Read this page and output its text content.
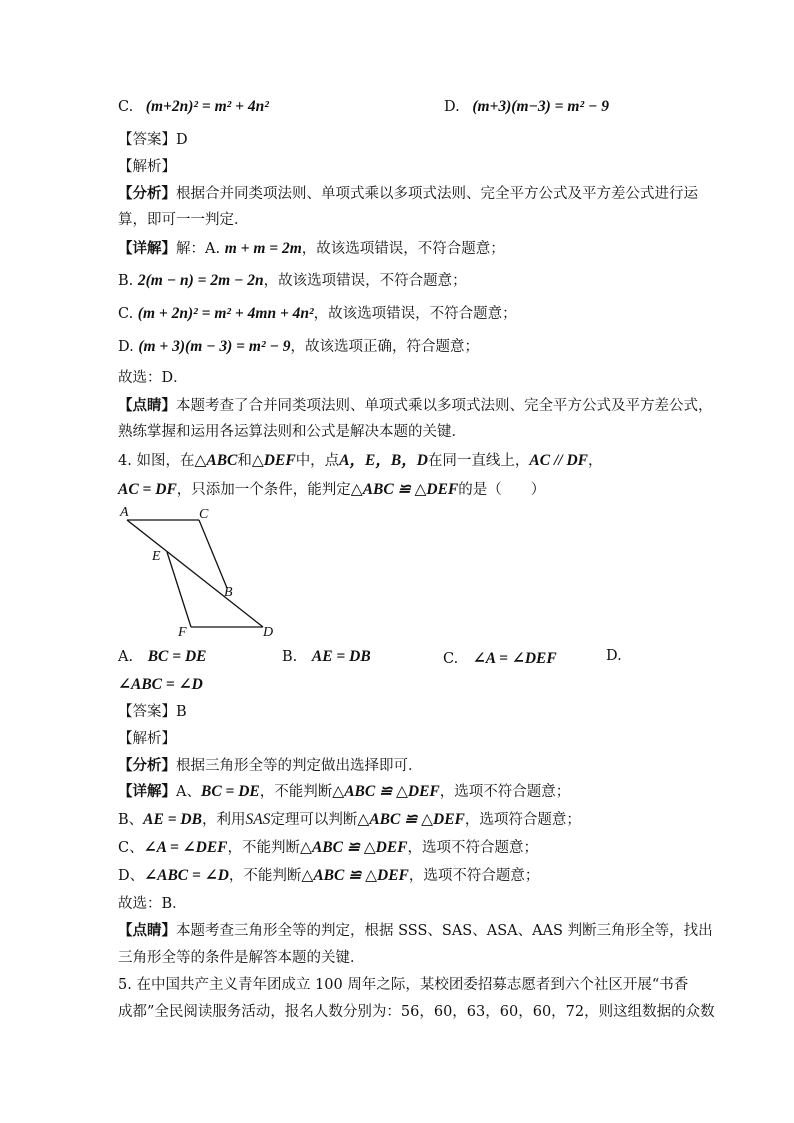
C. (m+2n)² = m² + 4n²	D. (m+3)(m−3) = m² − 9
【答案】D
【解析】
【分析】根据合并同类项法则、单项式乘以多项式法则、完全平方公式及平方差公式进行运
算，即可一一判定．
【详解】解：A. m + m = 2m，故该选项错误，不符合题意；
B. 2(m − n) = 2m − 2n，故该选项错误，不符合题意；
C. (m + 2n)² = m² + 4mn + 4n²，故该选项错误，不符合题意；
D. (m + 3)(m − 3) = m² − 9，故该选项正确，符合题意；
故选：D．
【点睛】本题考查了合并同类项法则、单项式乘以多项式法则、完全平方公式及平方差公式，
熟练掌握和运用各运算法则和公式是解决本题的关键．
4. 如图，在△ABC和△DEF中，点A，E，B，D在同一直线上，AC // DF，
AC = DF，只添加一个条件，能判定△ABC ≌ △DEF的是（　　）
A	C
E
B
F	D
A. BC = DE	B. AE = DB	C. ∠A = ∠DEF	D.
∠ABC = ∠D
【答案】B
【解析】
【分析】根据三角形全等的判定做出选择即可．
【详解】A、BC = DE，不能判断△ABC ≌ △DEF，选项不符合题意；
B、AE = DB，利用SAS定理可以判断△ABC ≌ △DEF，选项符合题意；
C、∠A = ∠DEF，不能判断△ABC ≌ △DEF，选项不符合题意；
D、∠ABC = ∠D，不能判断△ABC ≌ △DEF，选项不符合题意；
故选：B．
【点睛】本题考查三角形全等的判定，根据 SSS、SAS、ASA、AAS 判断三角形全等，找出
三角形全等的条件是解答本题的关键．
5. 在中国共产主义青年团成立 100 周年之际，某校团委招募志愿者到六个社区开展“书香
成都”全民阅读服务活动，报名人数分别为：56，60，63，60，60，72，则这组数据的众数
